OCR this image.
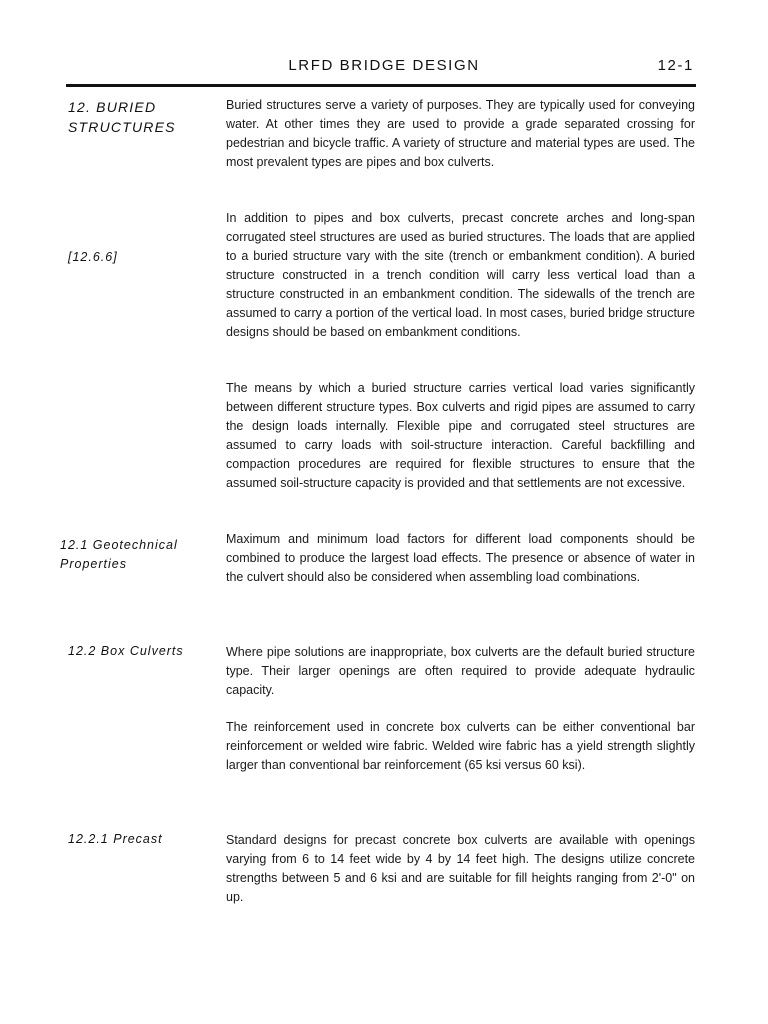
LRFD BRIDGE DESIGN	12-1
12. BURIED STRUCTURES
[12.6.6]
12.1 Geotechnical Properties
12.2 Box Culverts
12.2.1 Precast

Buried structures serve a variety of purposes. They are typically used for conveying water. At other times they are used to provide a grade separated crossing for pedestrian and bicycle traffic. A variety of structure and material types are used. The most prevalent types are pipes and box culverts.

In addition to pipes and box culverts, precast concrete arches and long-span corrugated steel structures are used as buried structures. The loads that are applied to a buried structure vary with the site (trench or embankment condition). A buried structure constructed in a trench condition will carry less vertical load than a structure constructed in an embankment condition. The sidewalls of the trench are assumed to carry a portion of the vertical load. In most cases, buried bridge structure designs should be based on embankment conditions.

The means by which a buried structure carries vertical load varies significantly between different structure types. Box culverts and rigid pipes are assumed to carry the design loads internally. Flexible pipe and corrugated steel structures are assumed to carry loads with soil-structure interaction. Careful backfilling and compaction procedures are required for flexible structures to ensure that the assumed soil-structure capacity is provided and that settlements are not excessive.

Maximum and minimum load factors for different load components should be combined to produce the largest load effects. The presence or absence of water in the culvert should also be considered when assembling load combinations.

Where pipe solutions are inappropriate, box culverts are the default buried structure type. Their larger openings are often required to provide adequate hydraulic capacity.

The reinforcement used in concrete box culverts can be either conventional bar reinforcement or welded wire fabric. Welded wire fabric has a yield strength slightly larger than conventional bar reinforcement (65 ksi versus 60 ksi).

Standard designs for precast concrete box culverts are available with openings varying from 6 to 14 feet wide by 4 by 14 feet high. The designs utilize concrete strengths between 5 and 6 ksi and are suitable for fill heights ranging from 2'-0" on up.
